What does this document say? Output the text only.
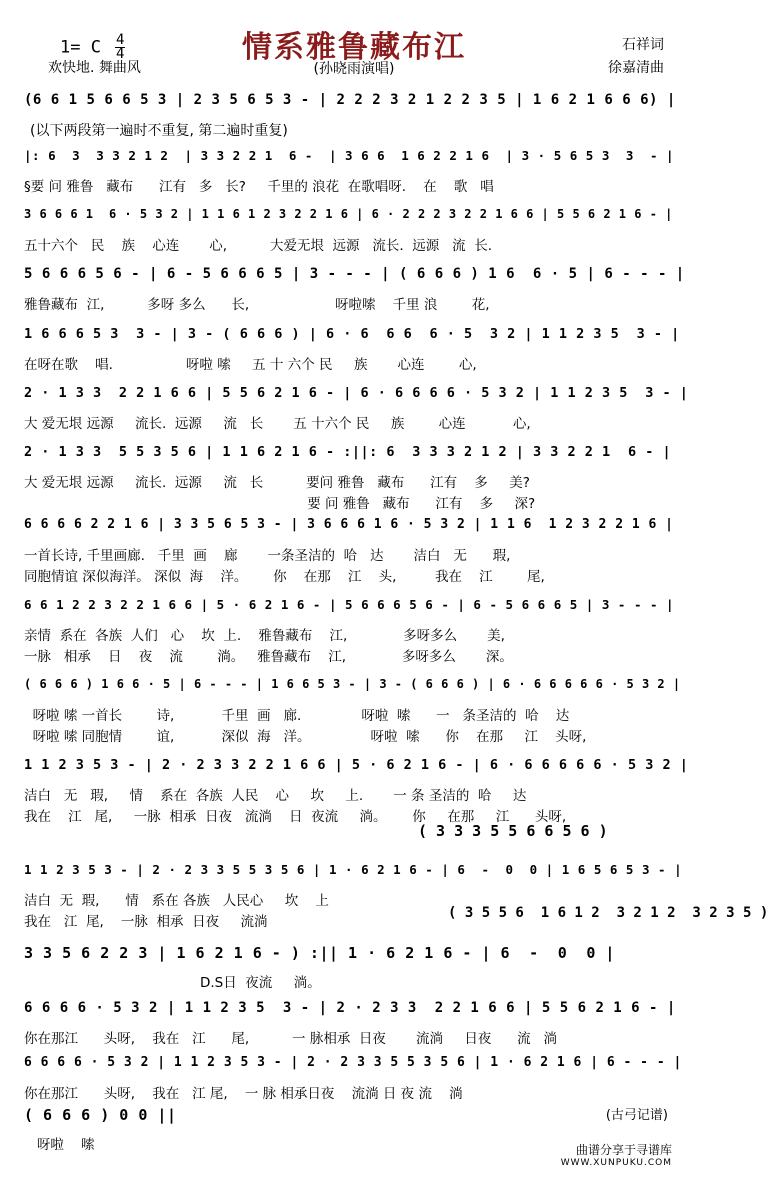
情系雅鲁藏布江
1= C $\frac{4}{4}$
欢快地. 舞曲风	(孙晓雨演唱)
石祥词
徐嘉清曲
(以下两段第一遍时不重复, 第二遍时重复)
(6 6 1 5 6 6 5 3 | 2 3 5 6 5 3 - | 2 2 2 3 2 1 2 2 3 5 | 1 6 2 1 6 6 6) |
|: 6  3  3 3 2 1 2  | 3 3 2 2 1  6 -  | 3 6 6  1 6 2 2 1 6  | 3 · 5 6 5 3  3  - |
§要 问 雅鲁   藏布      江有   多   长?     千里的 浪花  在歌唱呀.    在    歌   唱
3 6 6 6 1  6 · 5 3 2 | 1 1 6 1 2 3 2 2 1 6 | 6 · 2 2 2 3 2 2 1 6 6 | 5 5 6 2 1 6 - |
五十六个   民    族    心连       心,          大爱无垠  远源   流长.  远源   流  长.
5 6 6 6 5 6 - | 6 - 5 6 6 6 5 | 3 - - - | ( 6 6 6 ) 1 6  6 · 5 | 6 - - - |
雅鲁藏布  江,          多呀 多么      长,                    呀啦嗦    千里 浪        花,
1 6 6 6 5 3  3 - | 3 - ( 6 6 6 ) | 6 · 6  6 6  6 · 5  3 2 | 1 1 2 3 5  3 - |
在呀在歌    唱.                 呀啦 嗦     五 十 六个 民     族       心连        心,
2 · 1 3 3  2 2 1 6 6 | 5 5 6 2 1 6 - | 6 · 6 6 6 6 · 5 3 2 | 1 1 2 3 5  3 - |
大 爱无垠 远源     流长.  远源     流   长       五 十六个 民     族        心连           心,
2 · 1 3 3  5 5 3 5 6 | 1 1 6 2 1 6 - :||: 6  3 3 3 2 1 2 | 3 3 2 2 1  6 - |
大 爱无垠 远源     流长.  远源     流   长          要问 雅鲁   藏布      江有    多     美?
要 问 雅鲁   藏布      江有    多     深?
6 6 6 6 2 2 1 6 | 3 3 5 6 5 3 - | 3 6 6 6 1 6 · 5 3 2 | 1 1 6  1 2 3 2 2 1 6 |
一首长诗, 千里画廊.   千里  画    廊       一条圣洁的  哈   达       洁白   无      瑕,
同胞情谊 深似海洋。 深似  海    洋。      你    在那    江    头,         我在    江        尾,
6 6 1 2 2 3 2 2 1 6 6 | 5 · 6 2 1 6 - | 5 6 6 6 5 6 - | 6 - 5 6 6 6 5 | 3 - - - |
亲情  系在  各族  人们   心    坎  上.    雅鲁藏布    江,             多呀多么       美,
一脉   相承    日    夜    流        淌。   雅鲁藏布    江,             多呀多么       深。
( 6 6 6 ) 1 6 6 · 5 | 6 - - - | 1 6 6 5 3 - | 3 - ( 6 6 6 ) | 6 · 6 6 6 6 6 · 5 3 2 |
呀啦 嗦 一首长        诗,           千里  画   廊.              呀啦  嗦      一   条圣洁的  哈    达
呀啦 嗦 同胞情        谊,           深似  海   洋。              呀啦  嗦      你    在那     江    头呀,
1 1 2 3 5 3 - | 2 · 2 3 3 2 2 1 6 6 | 5 · 6 2 1 6 - | 6 · 6 6 6 6 6 · 5 3 2 |
洁白   无   瑕,     情    系在  各族  人民    心     坎     上.       一 条 圣洁的  哈     达
我在    江   尾,     一脉  相承  日夜   流淌    日  夜流     淌。      你     在那     江      头呀,
1 1 2 3 5 3 - | 2 · 2 3 3 5 5 3 5 6 | 1 · 6 2 1 6 - | 6  -  0  0 | 1 6 5 6 5 3 - |
洁白  无  瑕,      情   系在 各族   人民心     坎    上
我在   江  尾,    一脉  相承  日夜     流淌
3 3 5 6 2 2 3 | 1 6 2 1 6 - ) :|| 1 · 6 2 1 6 - | 6  -  0  0 |
D.S日  夜流     淌。
6 6 6 6 · 5 3 2 | 1 1 2 3 5  3 - | 2 · 2 3 3  2 2 1 6 6 | 5 5 6 2 1 6 - |
你在那江      头呀,    我在   江      尾,          一 脉相承  日夜       流淌     日夜      流   淌
6 6 6 6 · 5 3 2 | 1 1 2 3 5 3 - | 2 · 2 3 3 5 5 3 5 6 | 1 · 6 2 1 6 | 6 - - - |
你在那江      头呀,    我在   江 尾,    一 脉 相承日夜    流淌 日 夜 流    淌
( 6 6 6 ) 0 0 ||
呀啦    嗦
( 3 3 3 5 5 6 6 5 6 )
( 3 5 5 6  1 6 1 2  3 2 1 2  3 2 3 5 )
(古弓记谱)
曲谱分享于寻谱库
WWW.XUNPUKU.COM
